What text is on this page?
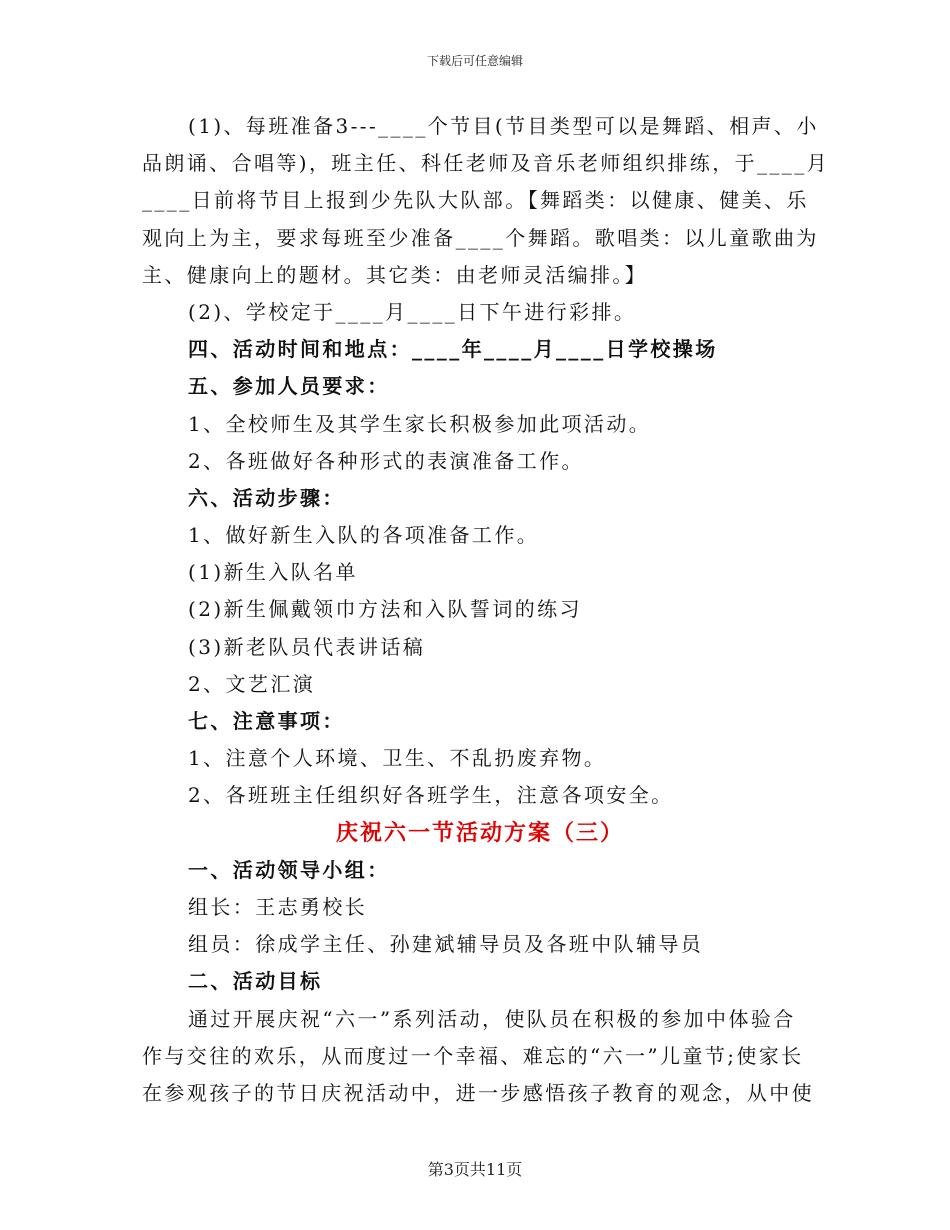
下载后可任意编辑
(1)、每班准备3---____个节目(节目类型可以是舞蹈、相声、小
品朗诵、合唱等)，班主任、科任老师及音乐老师组织排练，于____月
____日前将节目上报到少先队大队部。【舞蹈类：以健康、健美、乐
观向上为主，要求每班至少准备____个舞蹈。歌唱类：以儿童歌曲为
主、健康向上的题材。其它类：由老师灵活编排。】
(2)、学校定于____月____日下午进行彩排。
四、活动时间和地点：____年____月____日学校操场
五、参加人员要求：
1、全校师生及其学生家长积极参加此项活动。
2、各班做好各种形式的表演准备工作。
六、活动步骤：
1、做好新生入队的各项准备工作。
(1)新生入队名单
(2)新生佩戴领巾方法和入队誓词的练习
(3)新老队员代表讲话稿
2、文艺汇演
七、注意事项：
1、注意个人环境、卫生、不乱扔废弃物。
2、各班班主任组织好各班学生，注意各项安全。
庆祝六一节活动方案（三）
一、活动领导小组：
组长：王志勇校长
组员：徐成学主任、孙建斌辅导员及各班中队辅导员
二、活动目标
通过开展庆祝“六一”系列活动，使队员在积极的参加中体验合
作与交往的欢乐，从而度过一个幸福、难忘的“六一”儿童节;使家长
在参观孩子的节日庆祝活动中，进一步感悟孩子教育的观念，从中使
第3页共11页
